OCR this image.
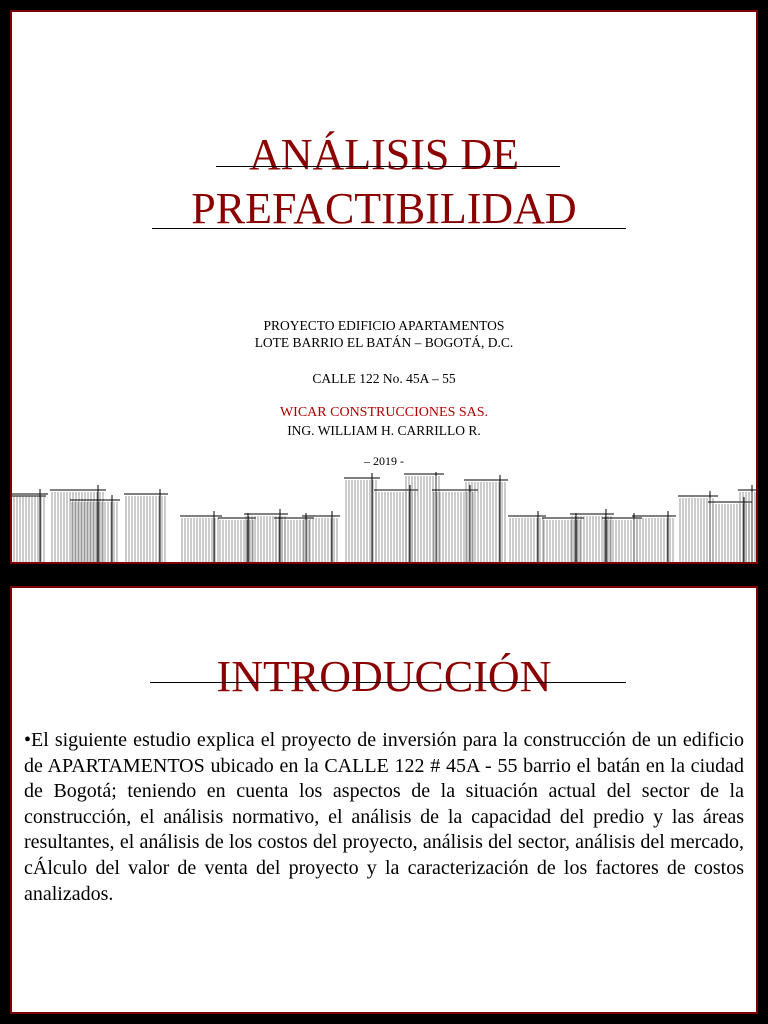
ANÁLISIS DE
PREFACTIBILIDAD
PROYECTO EDIFICIO APARTAMENTOS
LOTE BARRIO EL BATÁN – BOGOTÁ, D.C.
CALLE 122 No. 45A – 55
WICAR CONSTRUCCIONES SAS.
ING. WILLIAM H. CARRILLO R.
– 2019 -
INTRODUCCIÓN
•El siguiente estudio explica el proyecto de inversión para la construcción de un edificio de APARTAMENTOS ubicado en la CALLE 122 # 45A - 55 barrio el batán en la ciudad de Bogotá; teniendo en cuenta los aspectos de la situación actual del sector de la construcción, el análisis normativo, el análisis de la capacidad del predio y las áreas resultantes, el análisis de los costos del proyecto, análisis del sector, análisis del mercado, cÁlculo del valor de venta del proyecto y la caracterización de los factores de costos analizados.
